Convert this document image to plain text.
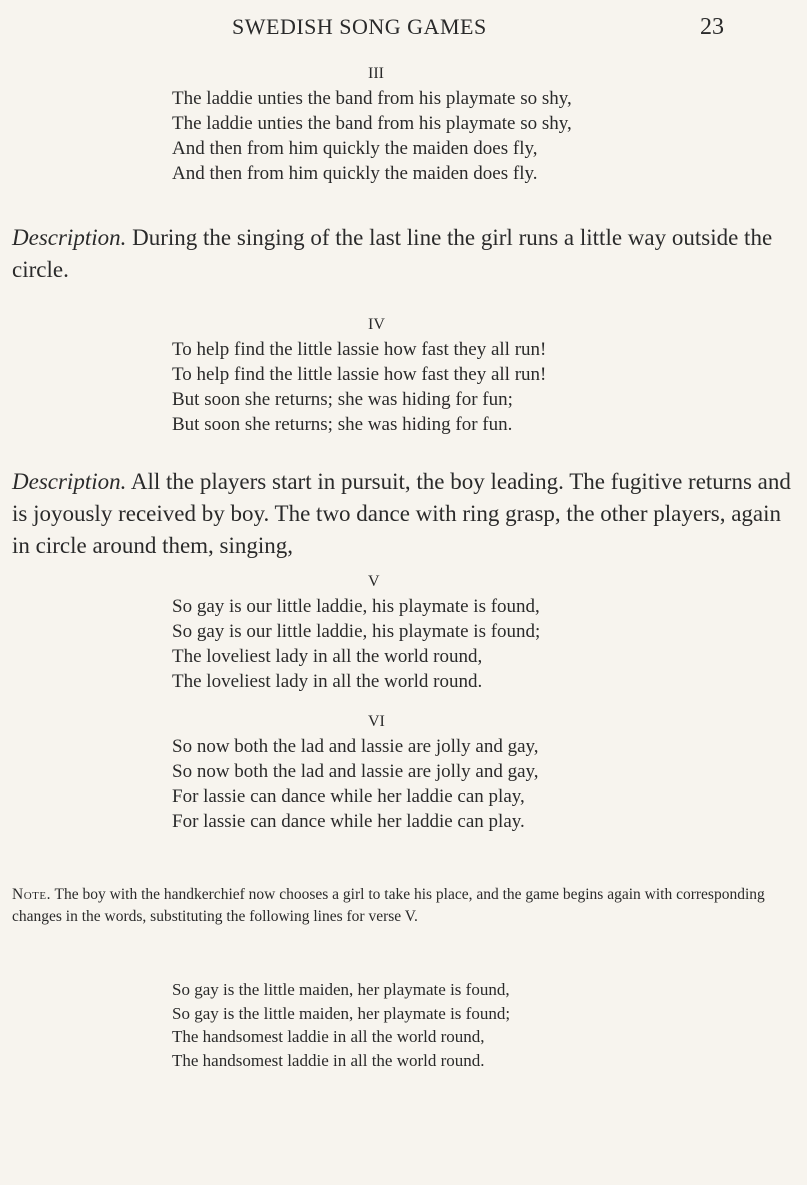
SWEDISH SONG GAMES	23
III
The laddie unties the band from his playmate so shy,
The laddie unties the band from his playmate so shy,
And then from him quickly the maiden does fly,
And then from him quickly the maiden does fly.
Description. During the singing of the last line the girl runs a little way outside the circle.
IV
To help find the little lassie how fast they all run!
To help find the little lassie how fast they all run!
But soon she returns; she was hiding for fun;
But soon she returns; she was hiding for fun.
Description. All the players start in pursuit, the boy leading. The fugitive returns and is joyously received by boy. The two dance with ring grasp, the other players, again in circle around them, singing,
V
So gay is our little laddie, his playmate is found,
So gay is our little laddie, his playmate is found;
The loveliest lady in all the world round,
The loveliest lady in all the world round.
VI
So now both the lad and lassie are jolly and gay,
So now both the lad and lassie are jolly and gay,
For lassie can dance while her laddie can play,
For lassie can dance while her laddie can play.
Note. The boy with the handkerchief now chooses a girl to take his place, and the game begins again with corresponding changes in the words, substituting the following lines for verse V.
So gay is the little maiden, her playmate is found,
So gay is the little maiden, her playmate is found;
The handsomest laddie in all the world round,
The handsomest laddie in all the world round.
